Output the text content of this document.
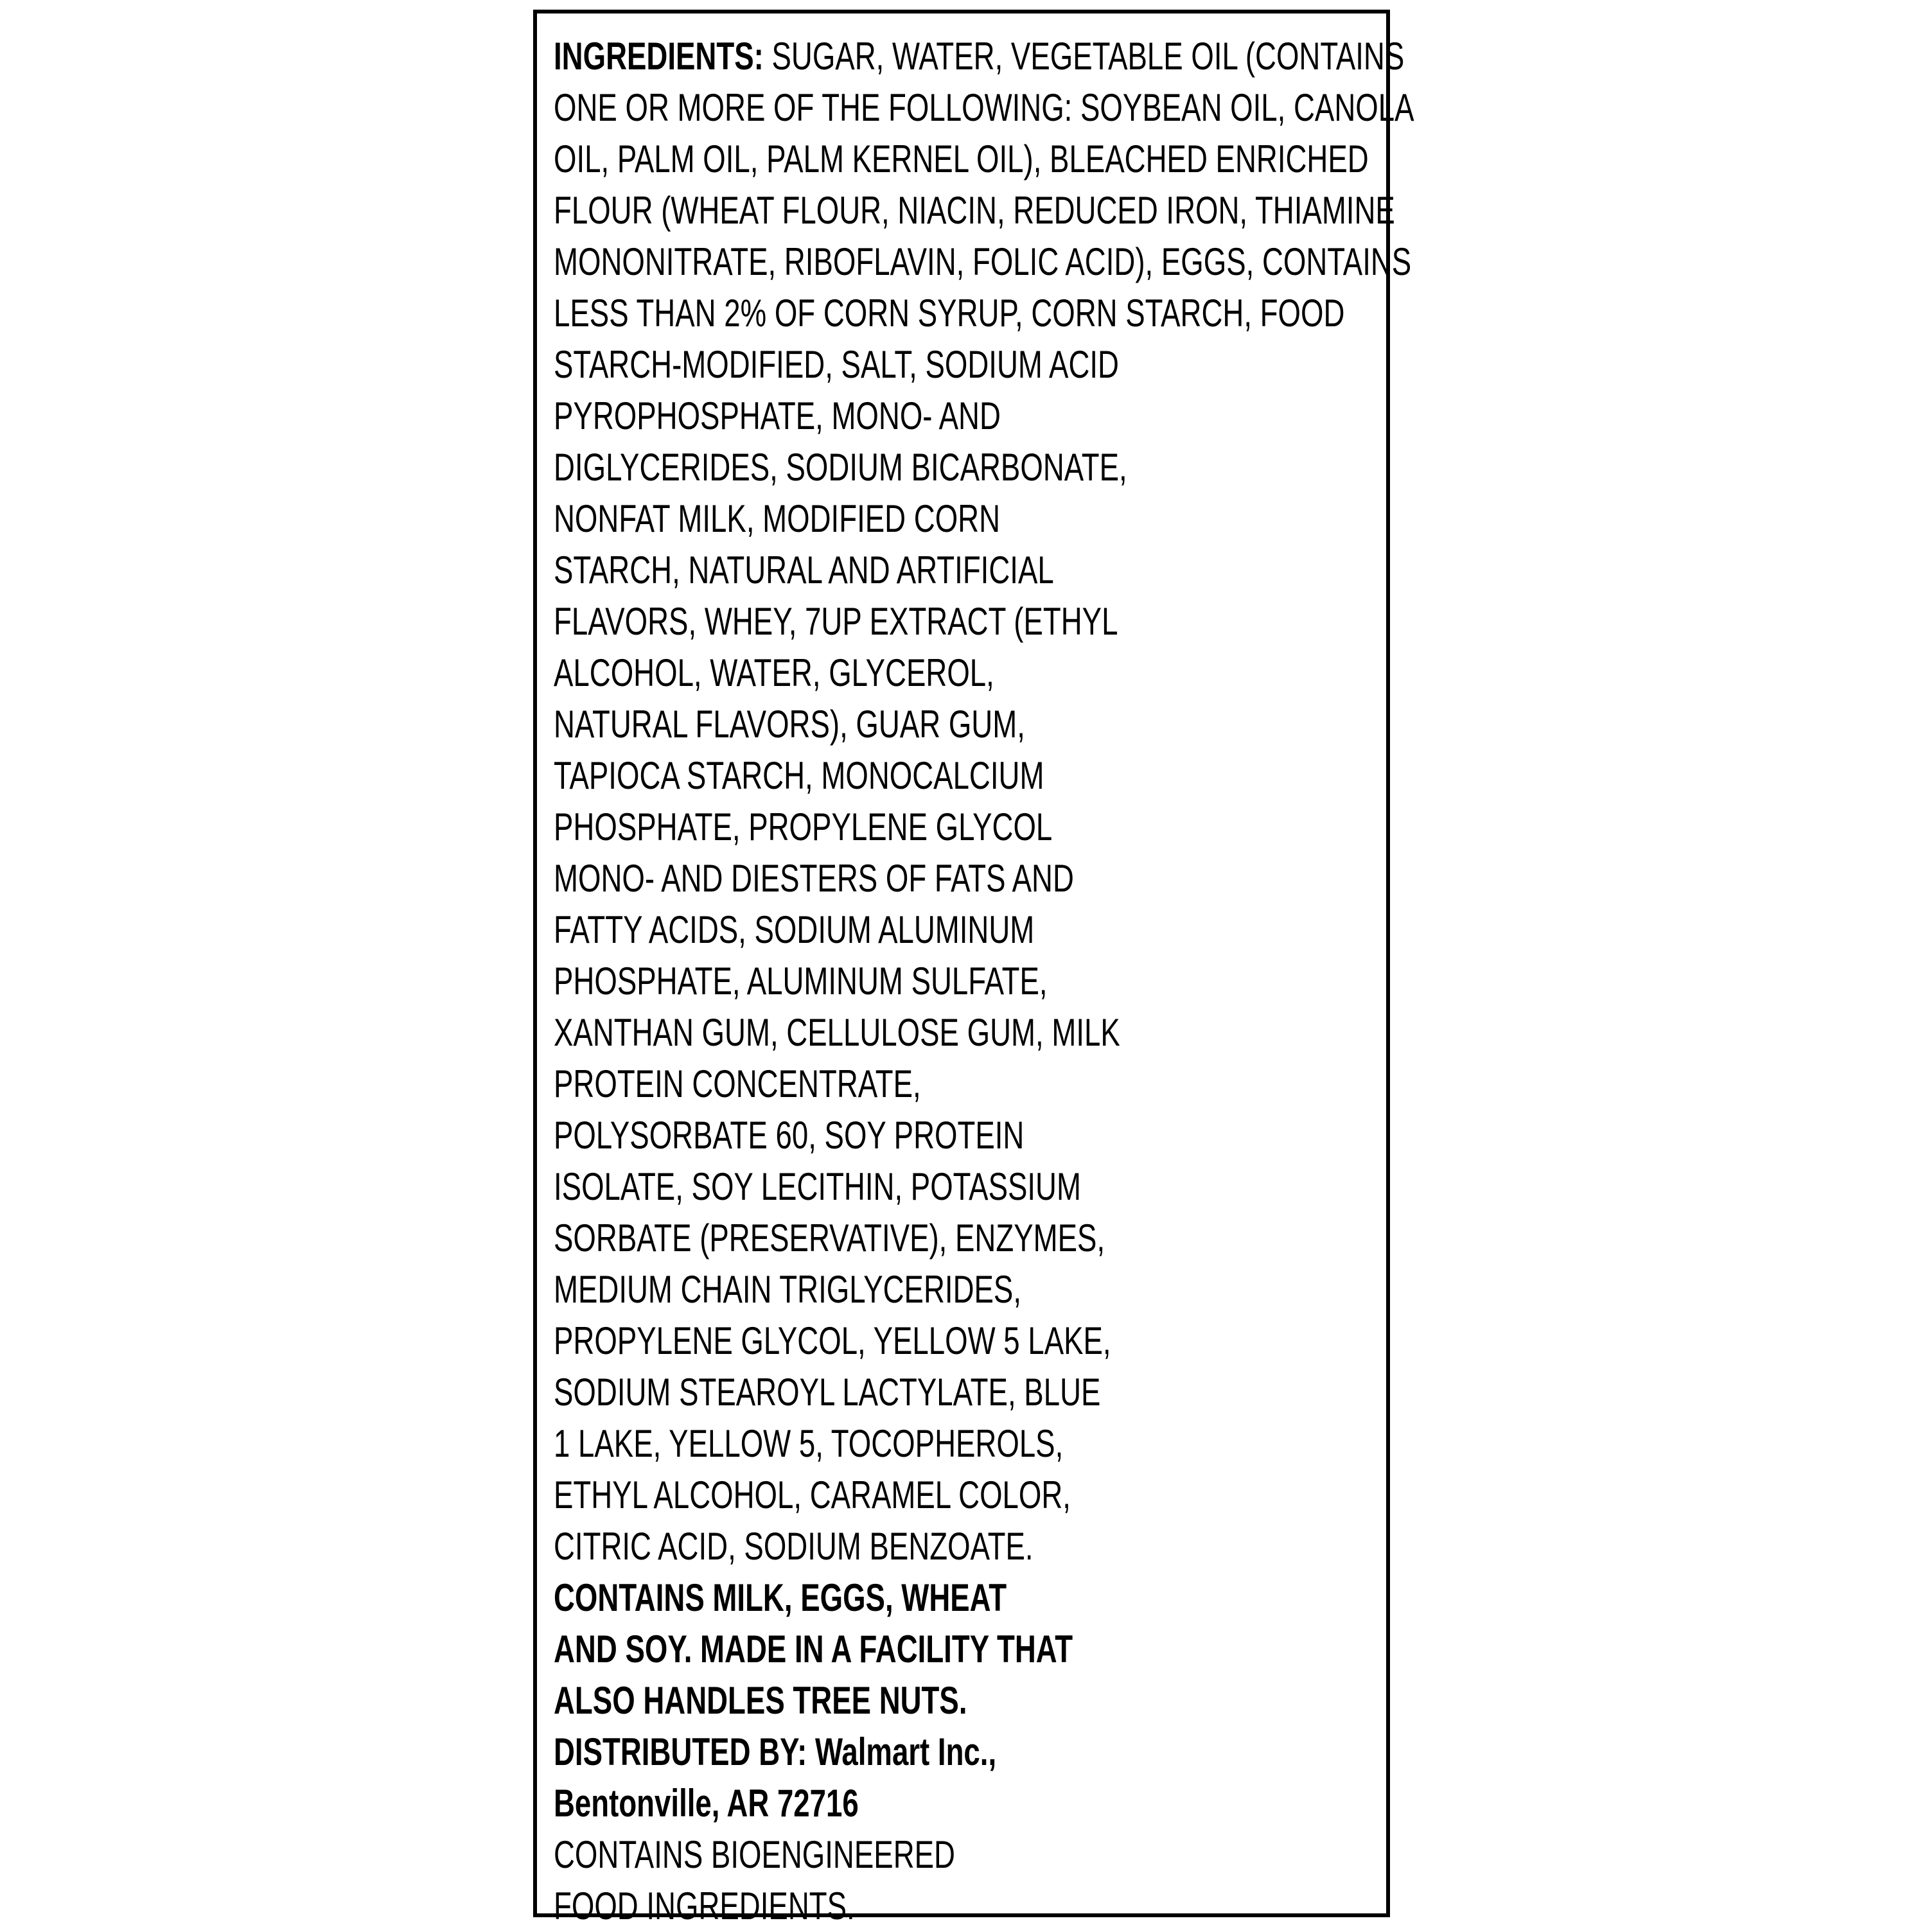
INGREDIENTS: SUGAR, WATER, VEGETABLE OIL (CONTAINS
ONE OR MORE OF THE FOLLOWING: SOYBEAN OIL, CANOLA
OIL, PALM OIL, PALM KERNEL OIL), BLEACHED ENRICHED
FLOUR (WHEAT FLOUR, NIACIN, REDUCED IRON, THIAMINE
MONONITRATE, RIBOFLAVIN, FOLIC ACID), EGGS, CONTAINS
LESS THAN 2% OF CORN SYRUP, CORN STARCH, FOOD
STARCH-MODIFIED, SALT, SODIUM ACID
PYROPHOSPHATE, MONO- AND
DIGLYCERIDES, SODIUM BICARBONATE,
NONFAT MILK, MODIFIED CORN
STARCH, NATURAL AND ARTIFICIAL
FLAVORS, WHEY, 7UP EXTRACT (ETHYL
ALCOHOL, WATER, GLYCEROL,
NATURAL FLAVORS), GUAR GUM,
TAPIOCA STARCH, MONOCALCIUM
PHOSPHATE, PROPYLENE GLYCOL
MONO- AND DIESTERS OF FATS AND
FATTY ACIDS, SODIUM ALUMINUM
PHOSPHATE, ALUMINUM SULFATE,
XANTHAN GUM, CELLULOSE GUM, MILK
PROTEIN CONCENTRATE,
POLYSORBATE 60, SOY PROTEIN
ISOLATE, SOY LECITHIN, POTASSIUM
SORBATE (PRESERVATIVE), ENZYMES,
MEDIUM CHAIN TRIGLYCERIDES,
PROPYLENE GLYCOL, YELLOW 5 LAKE,
SODIUM STEAROYL LACTYLATE, BLUE
1 LAKE, YELLOW 5, TOCOPHEROLS,
ETHYL ALCOHOL, CARAMEL COLOR,
CITRIC ACID, SODIUM BENZOATE.
CONTAINS MILK, EGGS, WHEAT
AND SOY. MADE IN A FACILITY THAT
ALSO HANDLES TREE NUTS.
DISTRIBUTED BY: Walmart Inc.,
Bentonville, AR 72716
CONTAINS BIOENGINEERED
FOOD INGREDIENTS.
